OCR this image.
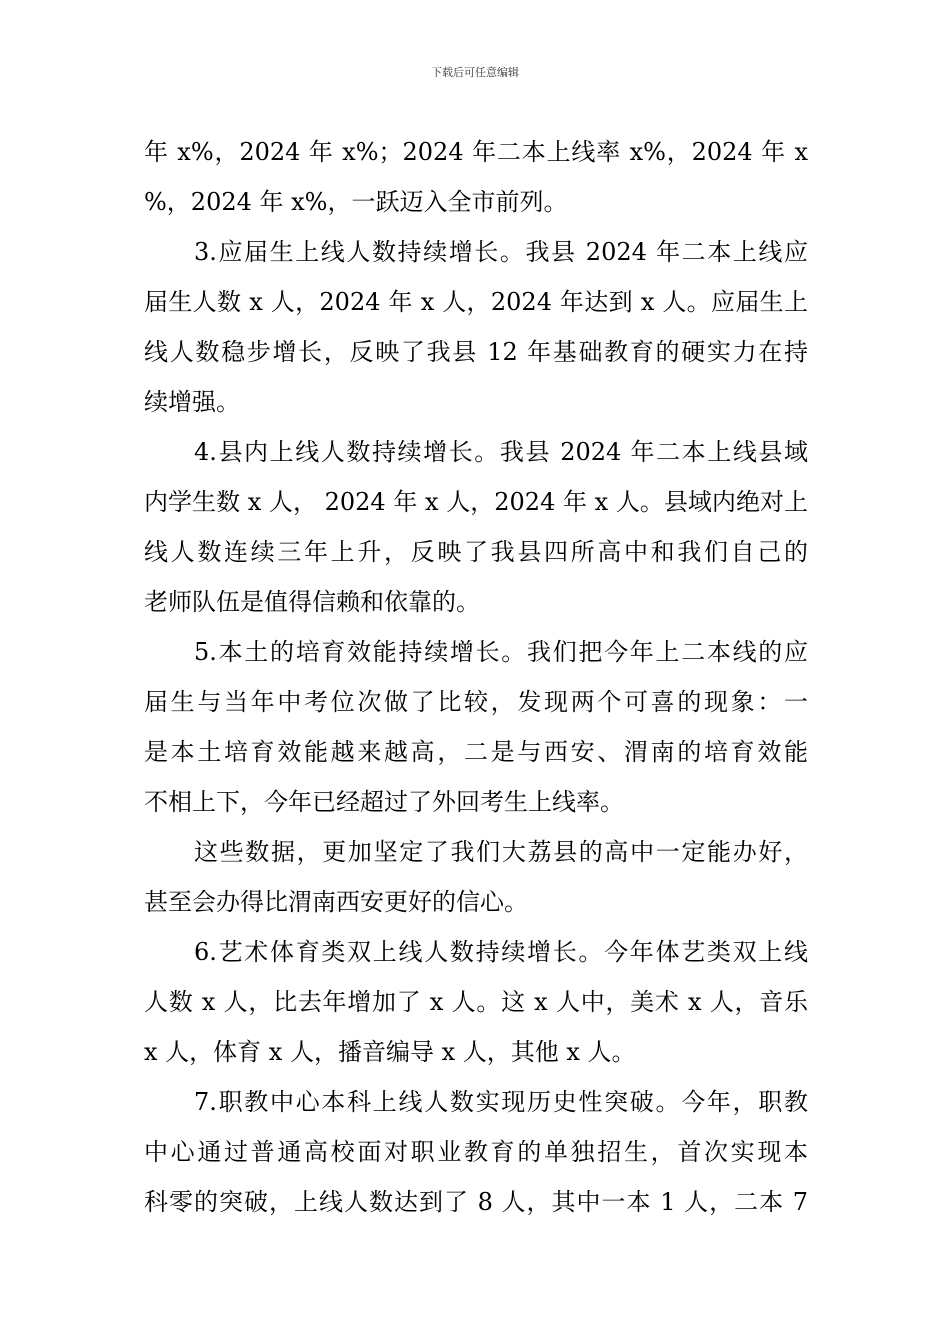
下载后可任意编辑
年 x%，2024 年 x%；2024 年二本上线率 x%，2024 年 x
%，2024 年 x%，一跃迈入全市前列。
3.应届生上线人数持续增长。我县 2024 年二本上线应
届生人数 x 人，2024 年 x 人，2024 年达到 x 人。应届生上
线人数稳步增长，反映了我县 12 年基础教育的硬实力在持
续增强。
4.县内上线人数持续增长。我县 2024 年二本上线县域
内学生数 x 人， 2024 年 x 人，2024 年 x 人。县域内绝对上
线人数连续三年上升，反映了我县四所高中和我们自己的
老师队伍是值得信赖和依靠的。
5.本土的培育效能持续增长。我们把今年上二本线的应
届生与当年中考位次做了比较，发现两个可喜的现象：一
是本土培育效能越来越高，二是与西安、渭南的培育效能
不相上下，今年已经超过了外回考生上线率。
这些数据，更加坚定了我们大荔县的高中一定能办好，
甚至会办得比渭南西安更好的信心。
6.艺术体育类双上线人数持续增长。今年体艺类双上线
人数 x 人，比去年增加了 x 人。这 x 人中，美术 x 人，音乐
x 人，体育 x 人，播音编导 x 人，其他 x 人。
7.职教中心本科上线人数实现历史性突破。今年，职教
中心通过普通高校面对职业教育的单独招生，首次实现本
科零的突破，上线人数达到了 8 人，其中一本 1 人，二本 7
